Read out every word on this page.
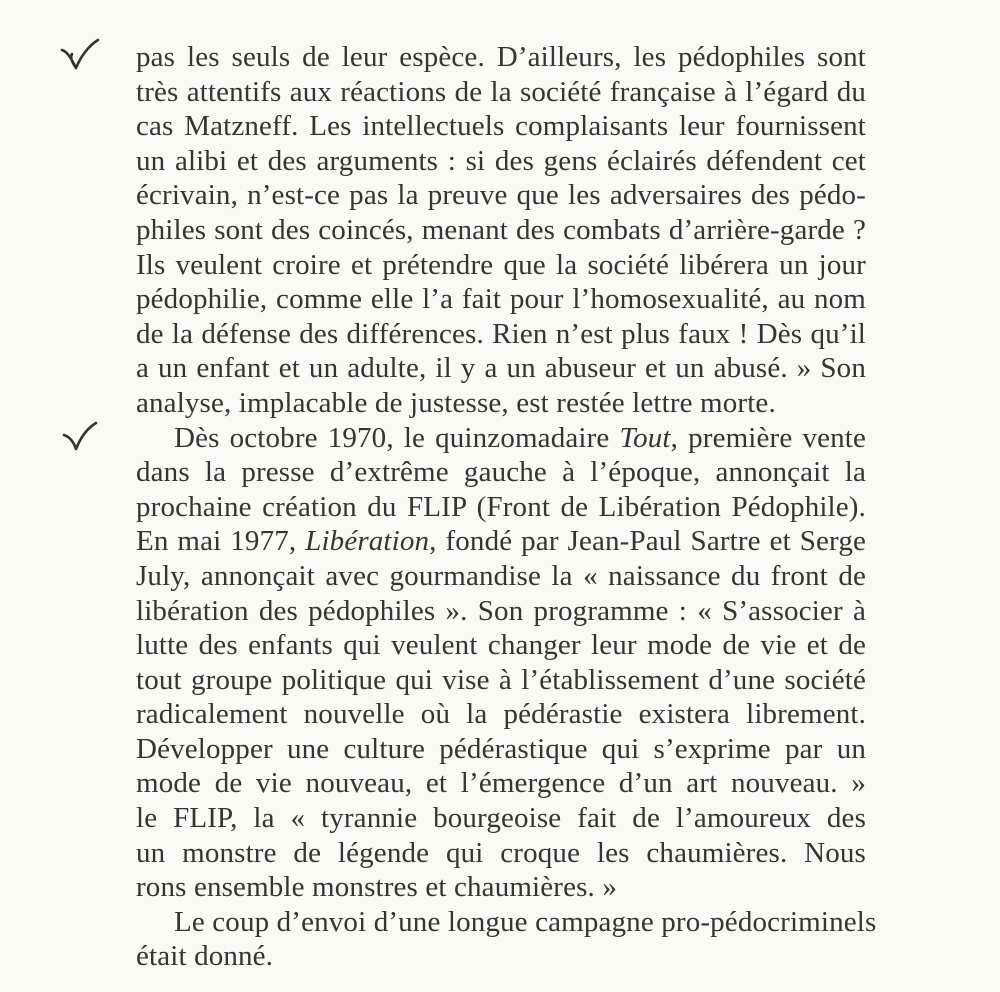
pas les seuls de leur espèce. D’ailleurs, les pédophiles sont
très attentifs aux réactions de la société française à l’égard du
cas Matzneff. Les intellectuels complaisants leur fournissent
un alibi et des arguments : si des gens éclairés défendent cet
écrivain, n’est-ce pas la preuve que les adversaires des pédo-
philes sont des coincés, menant des combats d’arrière-garde ?
Ils veulent croire et prétendre que la société libérera un jour
pédophilie, comme elle l’a fait pour l’homosexualité, au nom
de la défense des différences. Rien n’est plus faux ! Dès qu’il
a un enfant et un adulte, il y a un abuseur et un abusé. » Son
analyse, implacable de justesse, est restée lettre morte.
Dès octobre 1970, le quinzomadaire Tout, première vente
dans la presse d’extrême gauche à l’époque, annonçait la
prochaine création du FLIP (Front de Libération Pédophile).
En mai 1977, Libération, fondé par Jean-Paul Sartre et Serge
July, annonçait avec gourmandise la « naissance du front de
libération des pédophiles ». Son programme : « S’associer à
lutte des enfants qui veulent changer leur mode de vie et de
tout groupe politique qui vise à l’établissement d’une société
radicalement nouvelle où la pédérastie existera librement.
Développer une culture pédérastique qui s’exprime par un
mode de vie nouveau, et l’émergence d’un art nouveau. »
le FLIP, la « tyrannie bourgeoise fait de l’amoureux des
un monstre de légende qui croque les chaumières. Nous
rons ensemble monstres et chaumières. »
Le coup d’envoi d’une longue campagne pro-pédocriminels
était donné.
